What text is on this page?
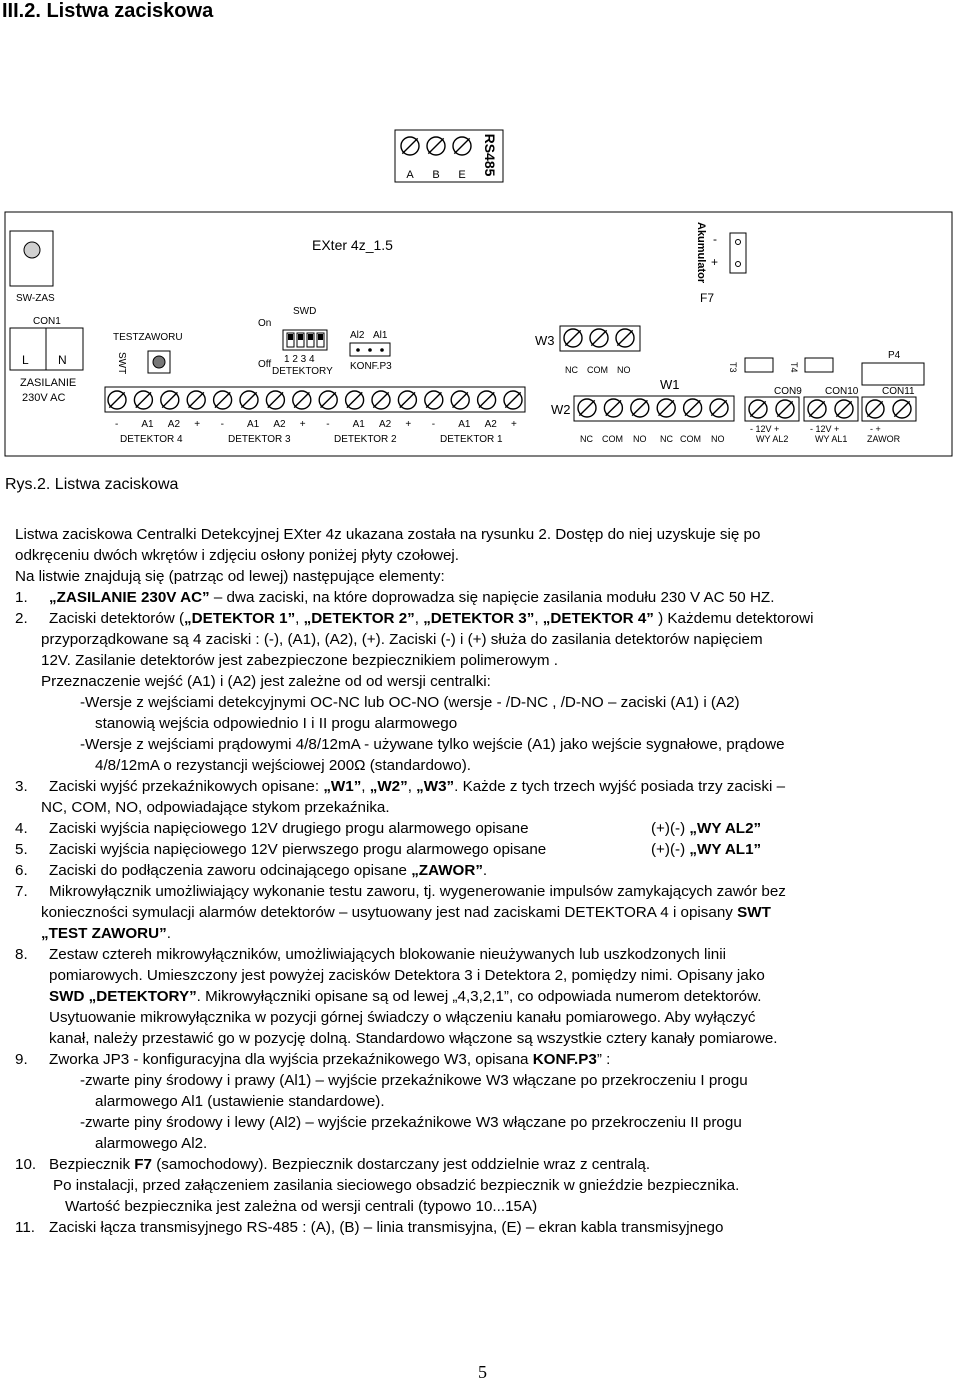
III.2. Listwa zaciskowa
RS485
A B E
EXter 4z_1.5	Akumulator -
+
F7
SW-ZAS
CON1
L N
ZASILANIE
230V AC
TESTZAWORU
SWT
On
Off
SWD
1 2 3 4
DETEKTORY
Al2 Al1
KONF.P3
- A1 A2 + - A1 A2 + - A1 A2 + - A1 A2 +
DETEKTOR 4	DETEKTOR 3	DETEKTOR 2	DETEKTOR 1
W3
NC COM NO
W1
W2
NC COM NO NC COM NO
T3	T4
P4
CON9 CON10 CON11
- 12V +
WY AL2
- 12V +
WY AL1
- +
ZAWOR
Rys.2. Listwa zaciskowa

Listwa zaciskowa Centralki Detekcyjnej EXter 4z ukazana została na rysunku 2. Dostęp do niej uzyskuje się po

odkręceniu dwóch wkrętów i zdjęciu osłony poniżej płyty czołowej.

Na listwie znajdują się (patrząc od lewej) następujące elementy:

1.	„ZASILANIE 230V AC” – dwa zaciski, na które doprowadza się napięcie zasilania modułu 230 V AC 50 HZ.
2.	Zaciski detektorów („DETEKTOR 1”, „DETEKTOR 2”, „DETEKTOR 3”, „DETEKTOR 4” ) Każdemu detektorowi

przyporządkowane są 4 zaciski : (-), (A1), (A2), (+). Zaciski (-) i (+) służa do zasilania detektorów napięciem

12V. Zasilanie detektorów jest zabezpieczone bezpiecznikiem polimerowym .

Przeznaczenie wejść (A1) i (A2) jest zależne od od wersji centralki:

-Wersje z wejściami detekcyjnymi OC-NC lub OC-NO (wersje - /D-NC , /D-NO – zaciski (A1) i (A2)

stanowią wejścia odpowiednio I i II progu alarmowego

-Wersje z wejściami prądowymi 4/8/12mA - używane tylko wejście (A1) jako wejście sygnałowe, prądowe

4/8/12mA o rezystancji wejściowej 200Ω (standardowo).

3.	Zaciski wyjść przekaźnikowych opisane: „W1”, „W2”, „W3”. Każde z tych trzech wyjść posiada trzy zaciski –

NC, COM, NO, odpowiadające stykom przekaźnika.

4.	Zaciski wyjścia napięciowego 12V drugiego progu alarmowego opisane	(+)(-) „WY AL2”
5.	Zaciski wyjścia napięciowego 12V pierwszego progu alarmowego opisane	(+)(-) „WY AL1”
6.	Zaciski do podłączenia zaworu odcinającego opisane „ZAWOR”.
7.	Mikrowyłącznik umożliwiający wykonanie testu zaworu, tj. wygenerowanie impulsów zamykających zawór bez

konieczności symulacji alarmów detektorów – usytuowany jest nad zaciskami DETEKTORA 4 i opisany SWT

„TEST ZAWORU”.

8.	Zestaw cztereh mikrowyłączników, umożliwiających blokowanie nieużywanych lub uszkodzonych linii

pomiarowych. Umieszczony jest powyżej zacisków Detektora 3 i Detektora 2, pomiędzy nimi. Opisany jako

SWD „DETEKTORY”. Mikrowyłączniki opisane są od lewej „4,3,2,1”, co odpowiada numerom detektorów.

Usytuowanie mikrowyłącznika w pozycji górnej świadczy o włączeniu kanału pomiarowego. Aby wyłączyć

kanał, należy przestawić go w pozycję dolną. Standardowo włączone są wszystkie cztery kanały pomiarowe.

9.	Zworka JP3 - konfiguracyjna dla wyjścia przekaźnikowego W3, opisana KONF.P3” :

-zwarte piny środowy i prawy (Al1) – wyjście przekaźnikowe W3 włączane po przekroczeniu I progu

alarmowego Al1 (ustawienie standardowe).

-zwarte piny środowy i lewy (Al2) – wyjście przekaźnikowe W3 włączane po przekroczeniu II progu

alarmowego Al2.

10. Bezpiecznik F7 (samochodowy). Bezpiecznik dostarczany jest oddzielnie wraz z centralą.

Po instalacji, przed załączeniem zasilania sieciowego obsadzić bezpiecznik w gnieździe bezpiecznika.

Wartość bezpiecznika jest zależna od wersji centrali (typowo 10...15A)

11. Zaciski łącza transmisyjnego RS-485 : (A), (B) – linia transmisyjna, (E) – ekran kabla transmisyjnego
5
